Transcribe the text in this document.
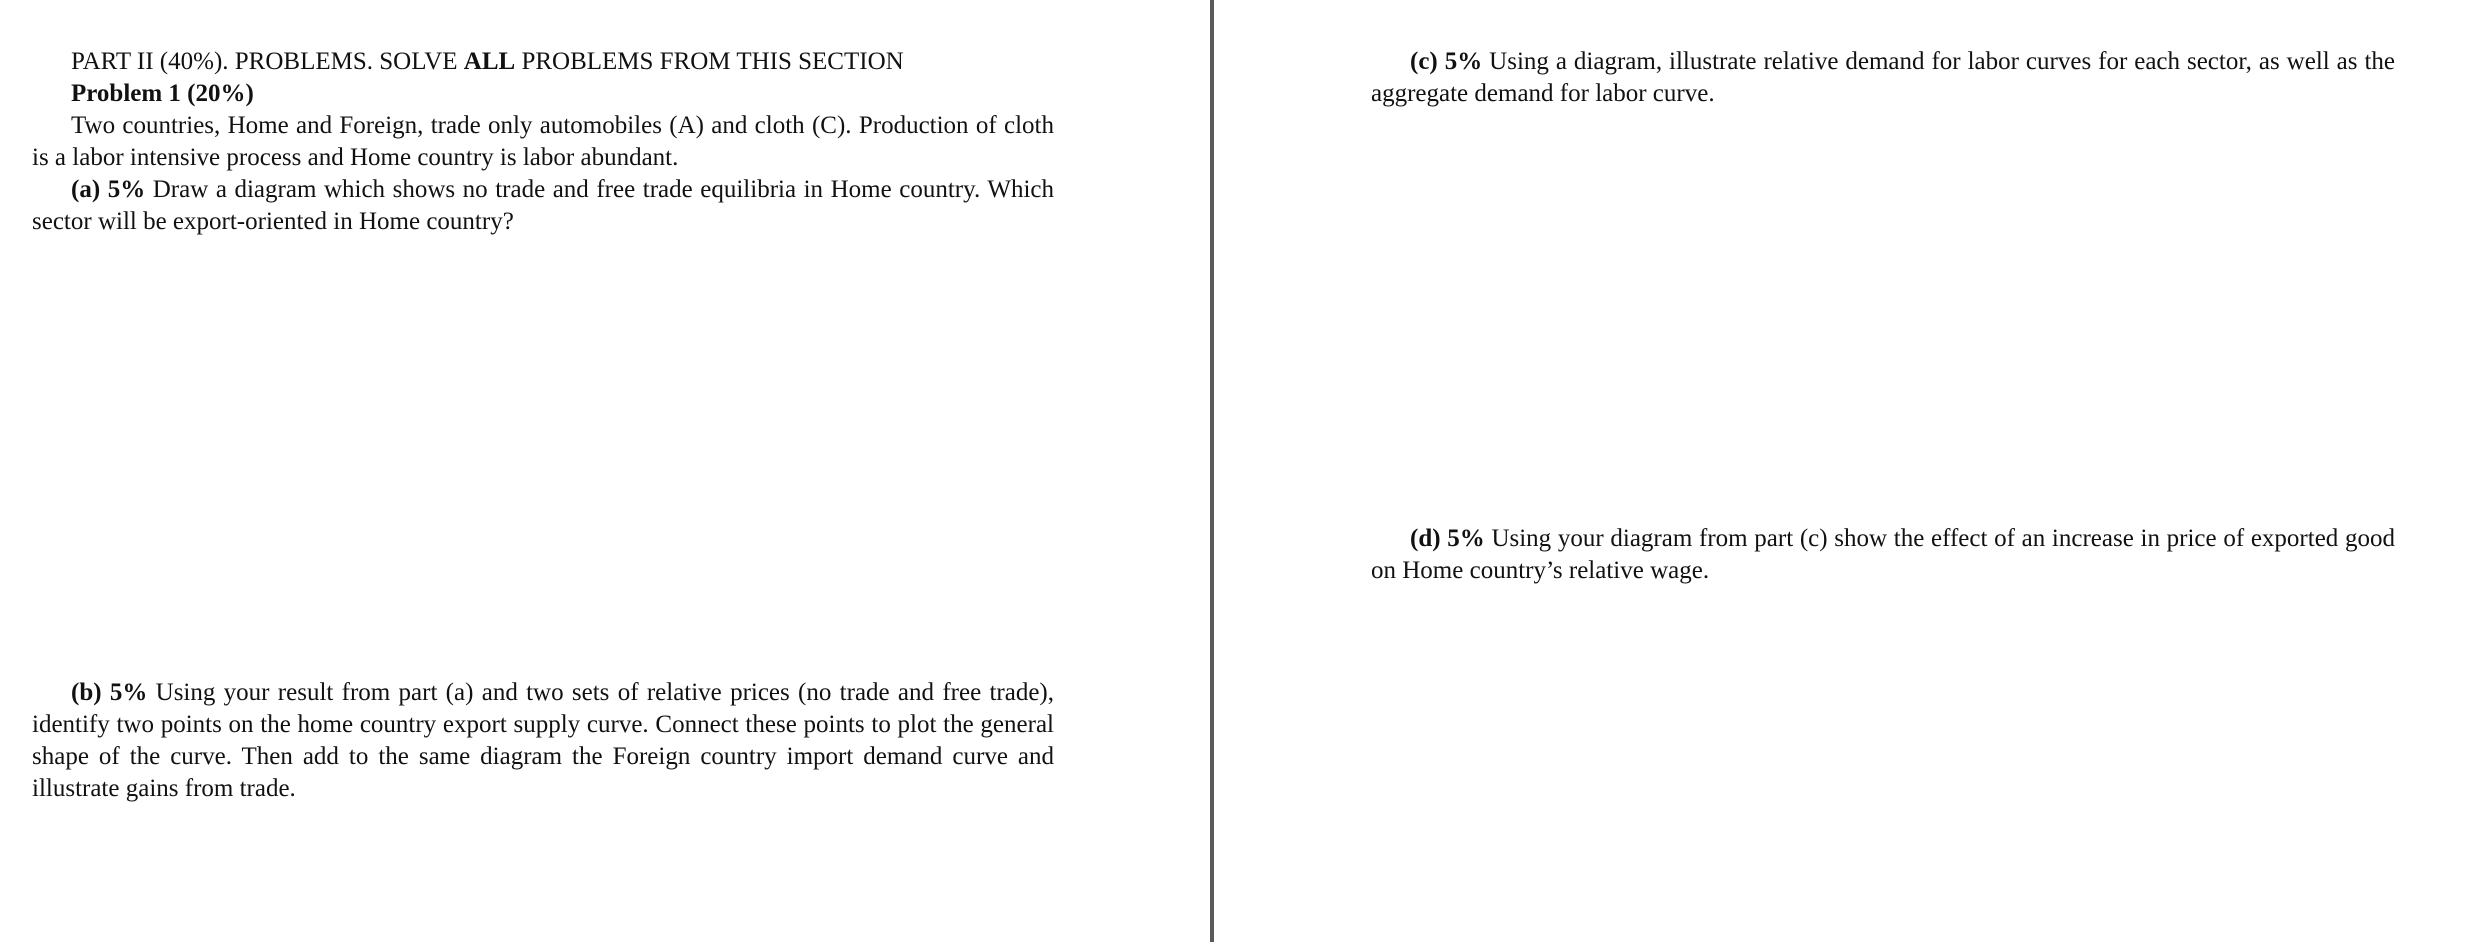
PART II (40%). PROBLEMS. SOLVE ALL PROBLEMS FROM THIS SECTION

Problem 1 (20%)

Two countries, Home and Foreign, trade only automobiles (A) and cloth (C). Production of cloth is a labor intensive process and Home country is labor abundant.

(a) 5% Draw a diagram which shows no trade and free trade equilibria in Home country. Which sector will be export-oriented in Home country?

(b) 5% Using your result from part (a) and two sets of relative prices (no trade and free trade), identify two points on the home country export supply curve. Connect these points to plot the general shape of the curve. Then add to the same diagram the Foreign country import demand curve and illustrate gains from trade.

(c) 5% Using a diagram, illustrate relative demand for labor curves for each sector, as well as the aggregate demand for labor curve.

(d) 5% Using your diagram from part (c) show the effect of an increase in price of exported good on Home country’s relative wage.
